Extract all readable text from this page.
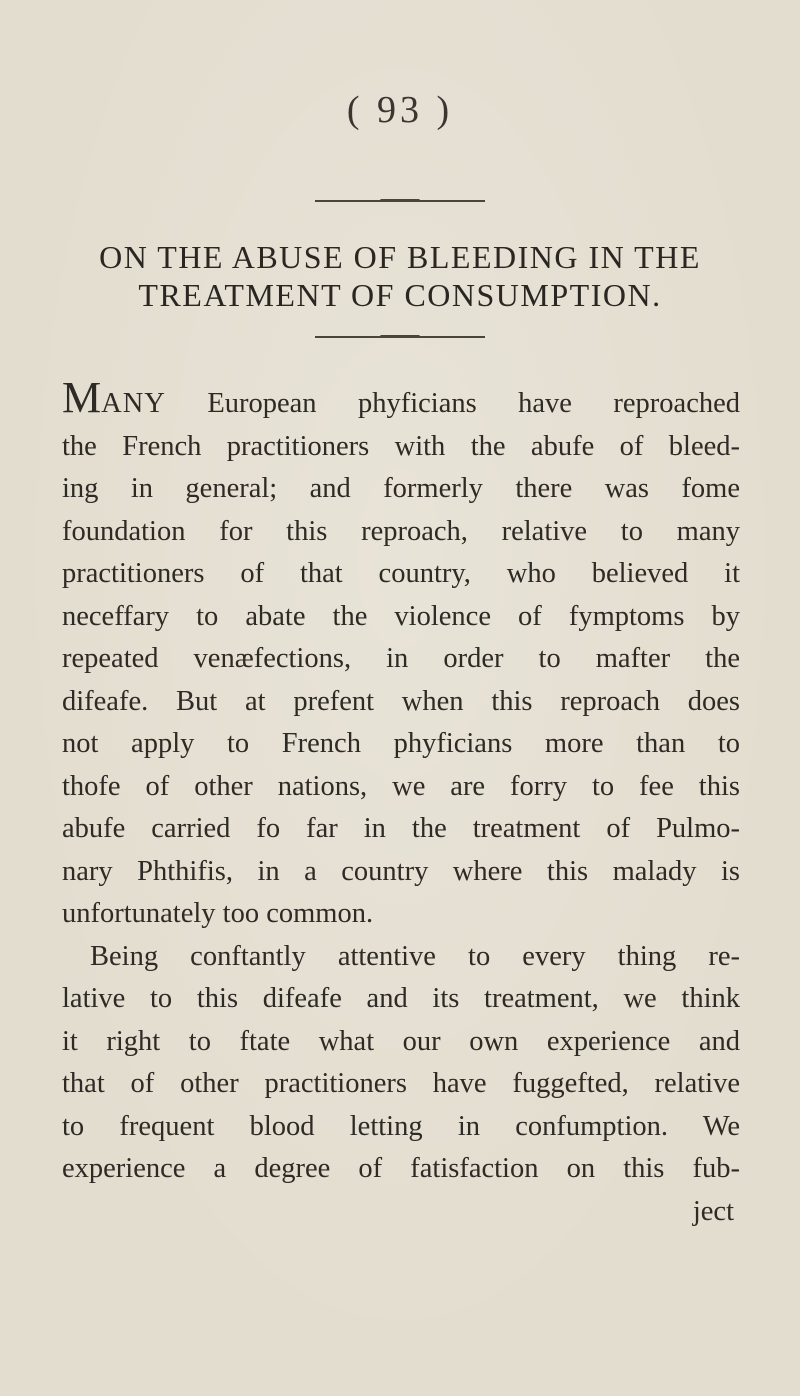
( 93 )
ON THE ABUSE OF BLEEDING IN THE
TREATMENT OF CONSUMPTION.
MANY European phyficians have reproached
the French practitioners with the abufe of bleed-
ing in general; and formerly there was fome
foundation for this reproach, relative to many
practitioners of that country, who believed it
neceffary to abate the violence of fymptoms by
repeated venæfections, in order to mafter the
difeafe. But at prefent when this reproach does
not apply to French phyficians more than to
thofe of other nations, we are forry to fee this
abufe carried fo far in the treatment of Pulmo-
nary Phthifis, in a country where this malady is
unfortunately too common.
Being conftantly attentive to every thing re-
lative to this difeafe and its treatment, we think
it right to ftate what our own experience and
that of other practitioners have fuggefted, relative
to frequent blood letting in confumption. We
experience a degree of fatisfaction on this fub-
ject
